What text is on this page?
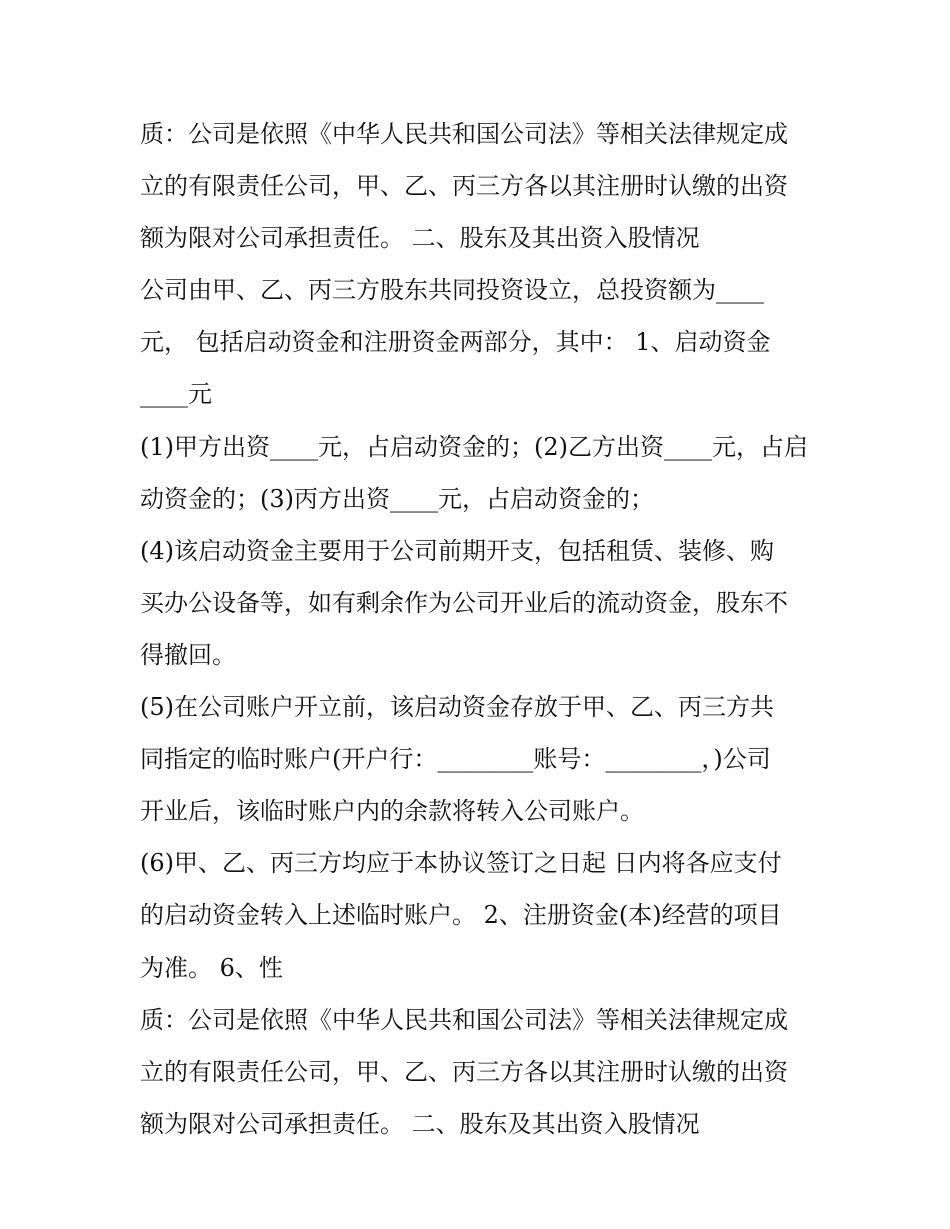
质：公司是依照《中华人民共和国公司法》等相关法律规定成
立的有限责任公司，甲、乙、丙三方各以其注册时认缴的出资
额为限对公司承担责任。 二、股东及其出资入股情况
公司由甲、乙、丙三方股东共同投资设立，总投资额为____
元， 包括启动资金和注册资金两部分，其中： 1、启动资金
____元
(1)甲方出资____元，占启动资金的；(2)乙方出资____元，占启
动资金的；(3)丙方出资____元，占启动资金的；
(4)该启动资金主要用于公司前期开支，包括租赁、装修、购
买办公设备等，如有剩余作为公司开业后的流动资金，股东不
得撤回。
(5)在公司账户开立前，该启动资金存放于甲、乙、丙三方共
同指定的临时账户(开户行：________账号：________，)公司
开业后，该临时账户内的余款将转入公司账户。
(6)甲、乙、丙三方均应于本协议签订之日起 日内将各应支付
的启动资金转入上述临时账户。 2、注册资金(本)经营的项目
为准。 6、性
质：公司是依照《中华人民共和国公司法》等相关法律规定成
立的有限责任公司，甲、乙、丙三方各以其注册时认缴的出资
额为限对公司承担责任。 二、股东及其出资入股情况
